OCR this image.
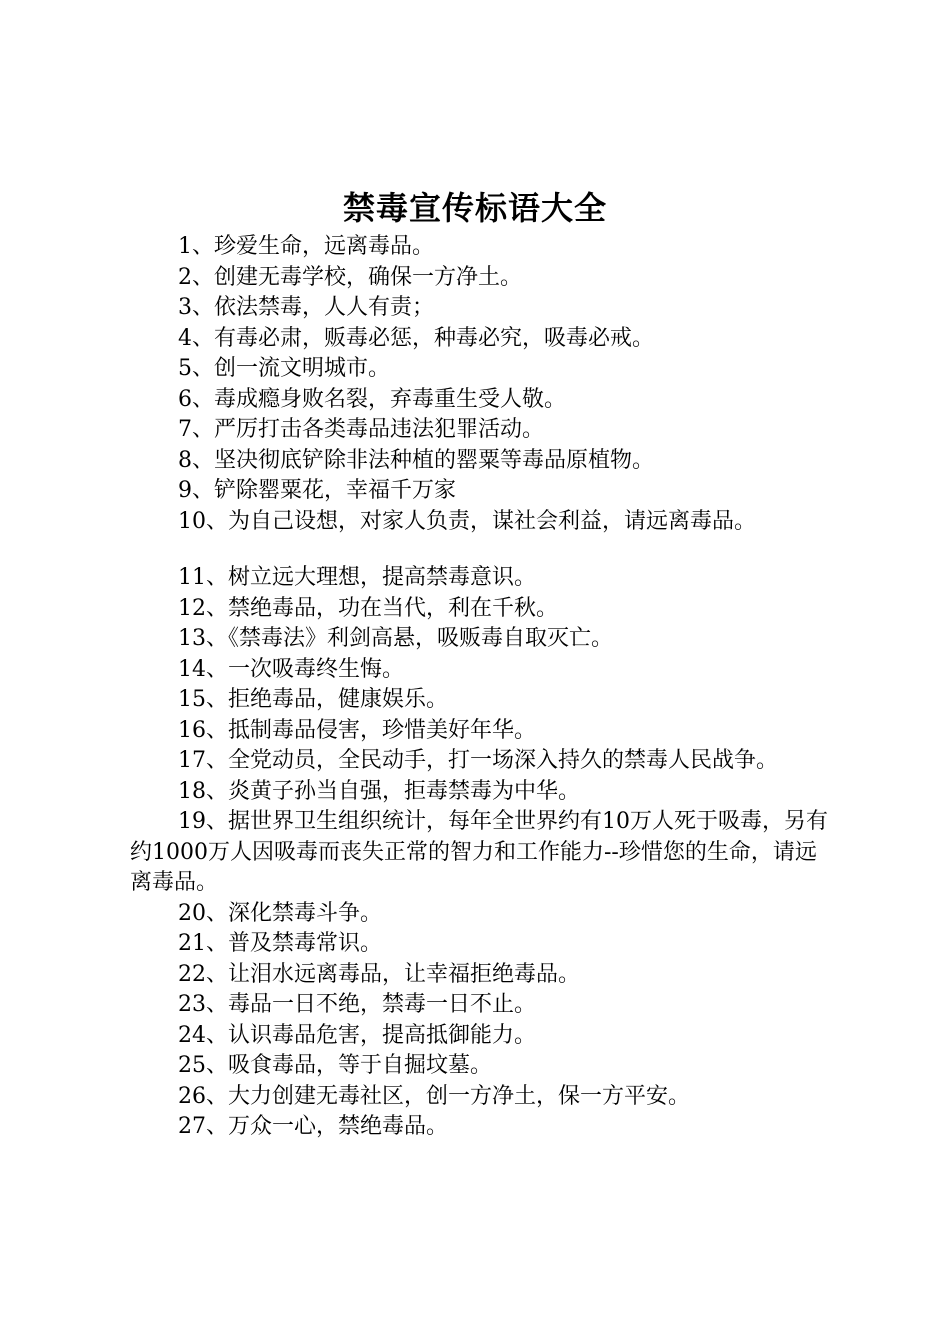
禁毒宣传标语大全

1、珍爱生命，远离毒品。

2、创建无毒学校，确保一方净土。

3、依法禁毒，人人有责；

4、有毒必肃，贩毒必惩，种毒必究，吸毒必戒。

5、创一流文明城市。

6、毒成瘾身败名裂，弃毒重生受人敬。

7、严厉打击各类毒品违法犯罪活动。

8、坚决彻底铲除非法种植的罂粟等毒品原植物。

9、铲除罂粟花，幸福千万家

10、为自己设想，对家人负责，谋社会利益，请远离毒品。

11、树立远大理想，提高禁毒意识。

12、禁绝毒品，功在当代，利在千秋。

13、《禁毒法》利剑高悬，吸贩毒自取灭亡。

14、一次吸毒终生悔。

15、拒绝毒品，健康娱乐。

16、抵制毒品侵害，珍惜美好年华。

17、全党动员，全民动手，打一场深入持久的禁毒人民战争。

18、炎黄子孙当自强，拒毒禁毒为中华。

19、据世界卫生组织统计，每年全世界约有10万人死于吸毒，另有约1000万人因吸毒而丧失正常的智力和工作能力--珍惜您的生命，请远离毒品。

20、深化禁毒斗争。

21、普及禁毒常识。

22、让泪水远离毒品，让幸福拒绝毒品。

23、毒品一日不绝，禁毒一日不止。

24、认识毒品危害，提高抵御能力。

25、吸食毒品，等于自掘坟墓。

26、大力创建无毒社区，创一方净土，保一方平安。

27、万众一心，禁绝毒品。
